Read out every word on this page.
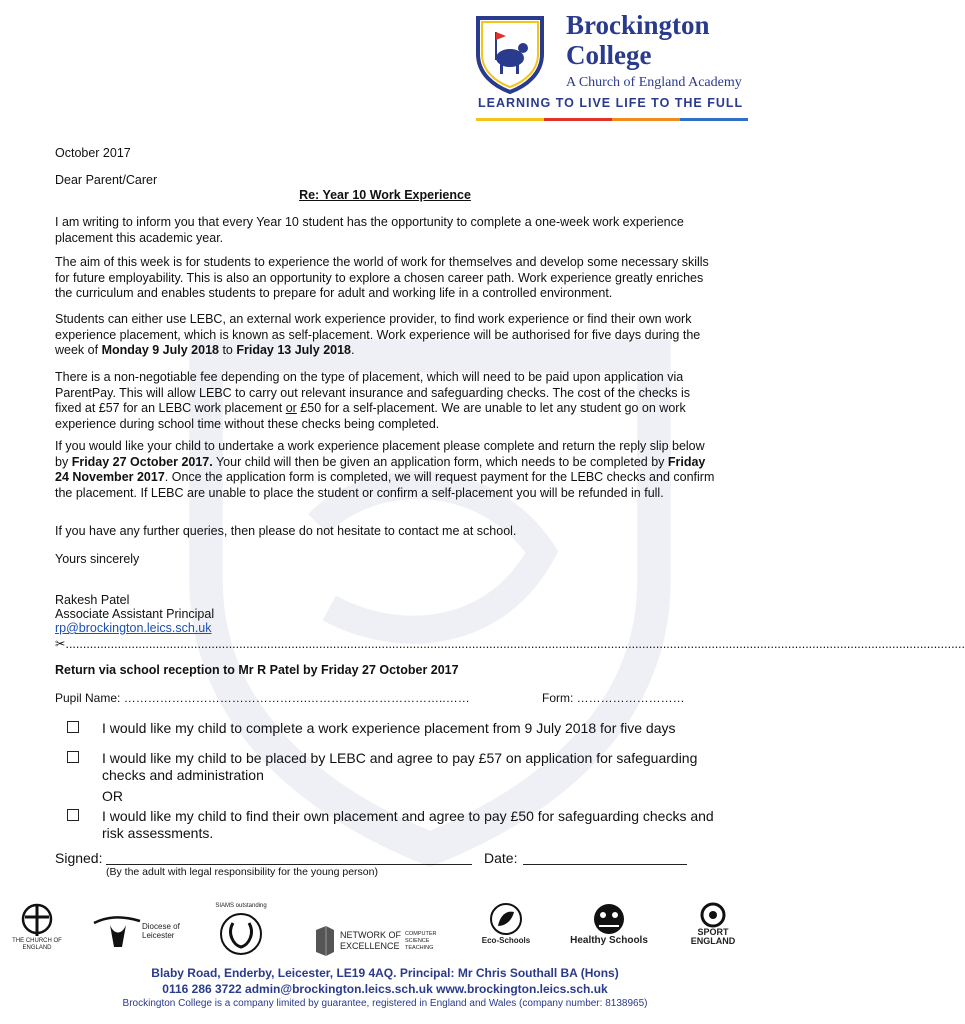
Brockington
College
A Church of England Academy
LEARNING TO LIVE LIFE TO THE FULL
October 2017
Dear Parent/Carer
Re: Year 10 Work Experience
I am writing to inform you that every Year 10 student has the opportunity to complete a one-week work experience placement this academic year.
The aim of this week is for students to experience the world of work for themselves and develop some necessary skills for future employability. This is also an opportunity to explore a chosen career path. Work experience greatly enriches the curriculum and enables students to prepare for adult and working life in a controlled environment.
Students can either use LEBC, an external work experience provider, to find work experience or find their own work experience placement, which is known as self-placement. Work experience will be authorised for five days during the week of Monday 9 July 2018 to Friday 13 July 2018.
There is a non-negotiable fee depending on the type of placement, which will need to be paid upon application via ParentPay. This will allow LEBC to carry out relevant insurance and safeguarding checks. The cost of the checks is fixed at £57 for an LEBC work placement or £50 for a self-placement. We are unable to let any student go on work experience during school time without these checks being completed.
If you would like your child to undertake a work experience placement please complete and return the reply slip below by Friday 27 October 2017. Your child will then be given an application form, which needs to be completed by Friday 24 November 2017. Once the application form is completed, we will request payment for the LEBC checks and confirm the placement. If LEBC are unable to place the student or confirm a self-placement you will be refunded in full.
If you have any further queries, then please do not hesitate to contact me at school.
Yours sincerely
Rakesh Patel
Associate Assistant Principal
rp@brockington.leics.sch.uk
✂...................................................................................................................................................................................................................................................................
Return via school reception to Mr R Patel by Friday 27 October 2017
Pupil Name: ……………………………………….……………………………..……	Form: ………………………
I would like my child to complete a work experience placement from 9 July 2018 for five days
I would like my child to be placed by LEBC and agree to pay £57 on application for safeguarding checks and administration
OR
I would like my child to find their own placement and agree to pay £50 for safeguarding checks and risk assessments.
Signed:	Date:
(By the adult with legal responsibility for the young person)
THE CHURCH OF ENGLAND
Diocese of
Leicester
SIAMS outstanding
NETWORK OF
EXCELLENCE
COMPUTER
SCIENCE
TEACHING
Eco-Schools	Healthy Schools
SPORT
ENGLAND
Blaby Road, Enderby, Leicester, LE19 4AQ. Principal: Mr Chris Southall BA (Hons)
0116 286 3722 admin@brockington.leics.sch.uk www.brockington.leics.sch.uk
Brockington College is a company limited by guarantee, registered in England and Wales (company number: 8138965)
